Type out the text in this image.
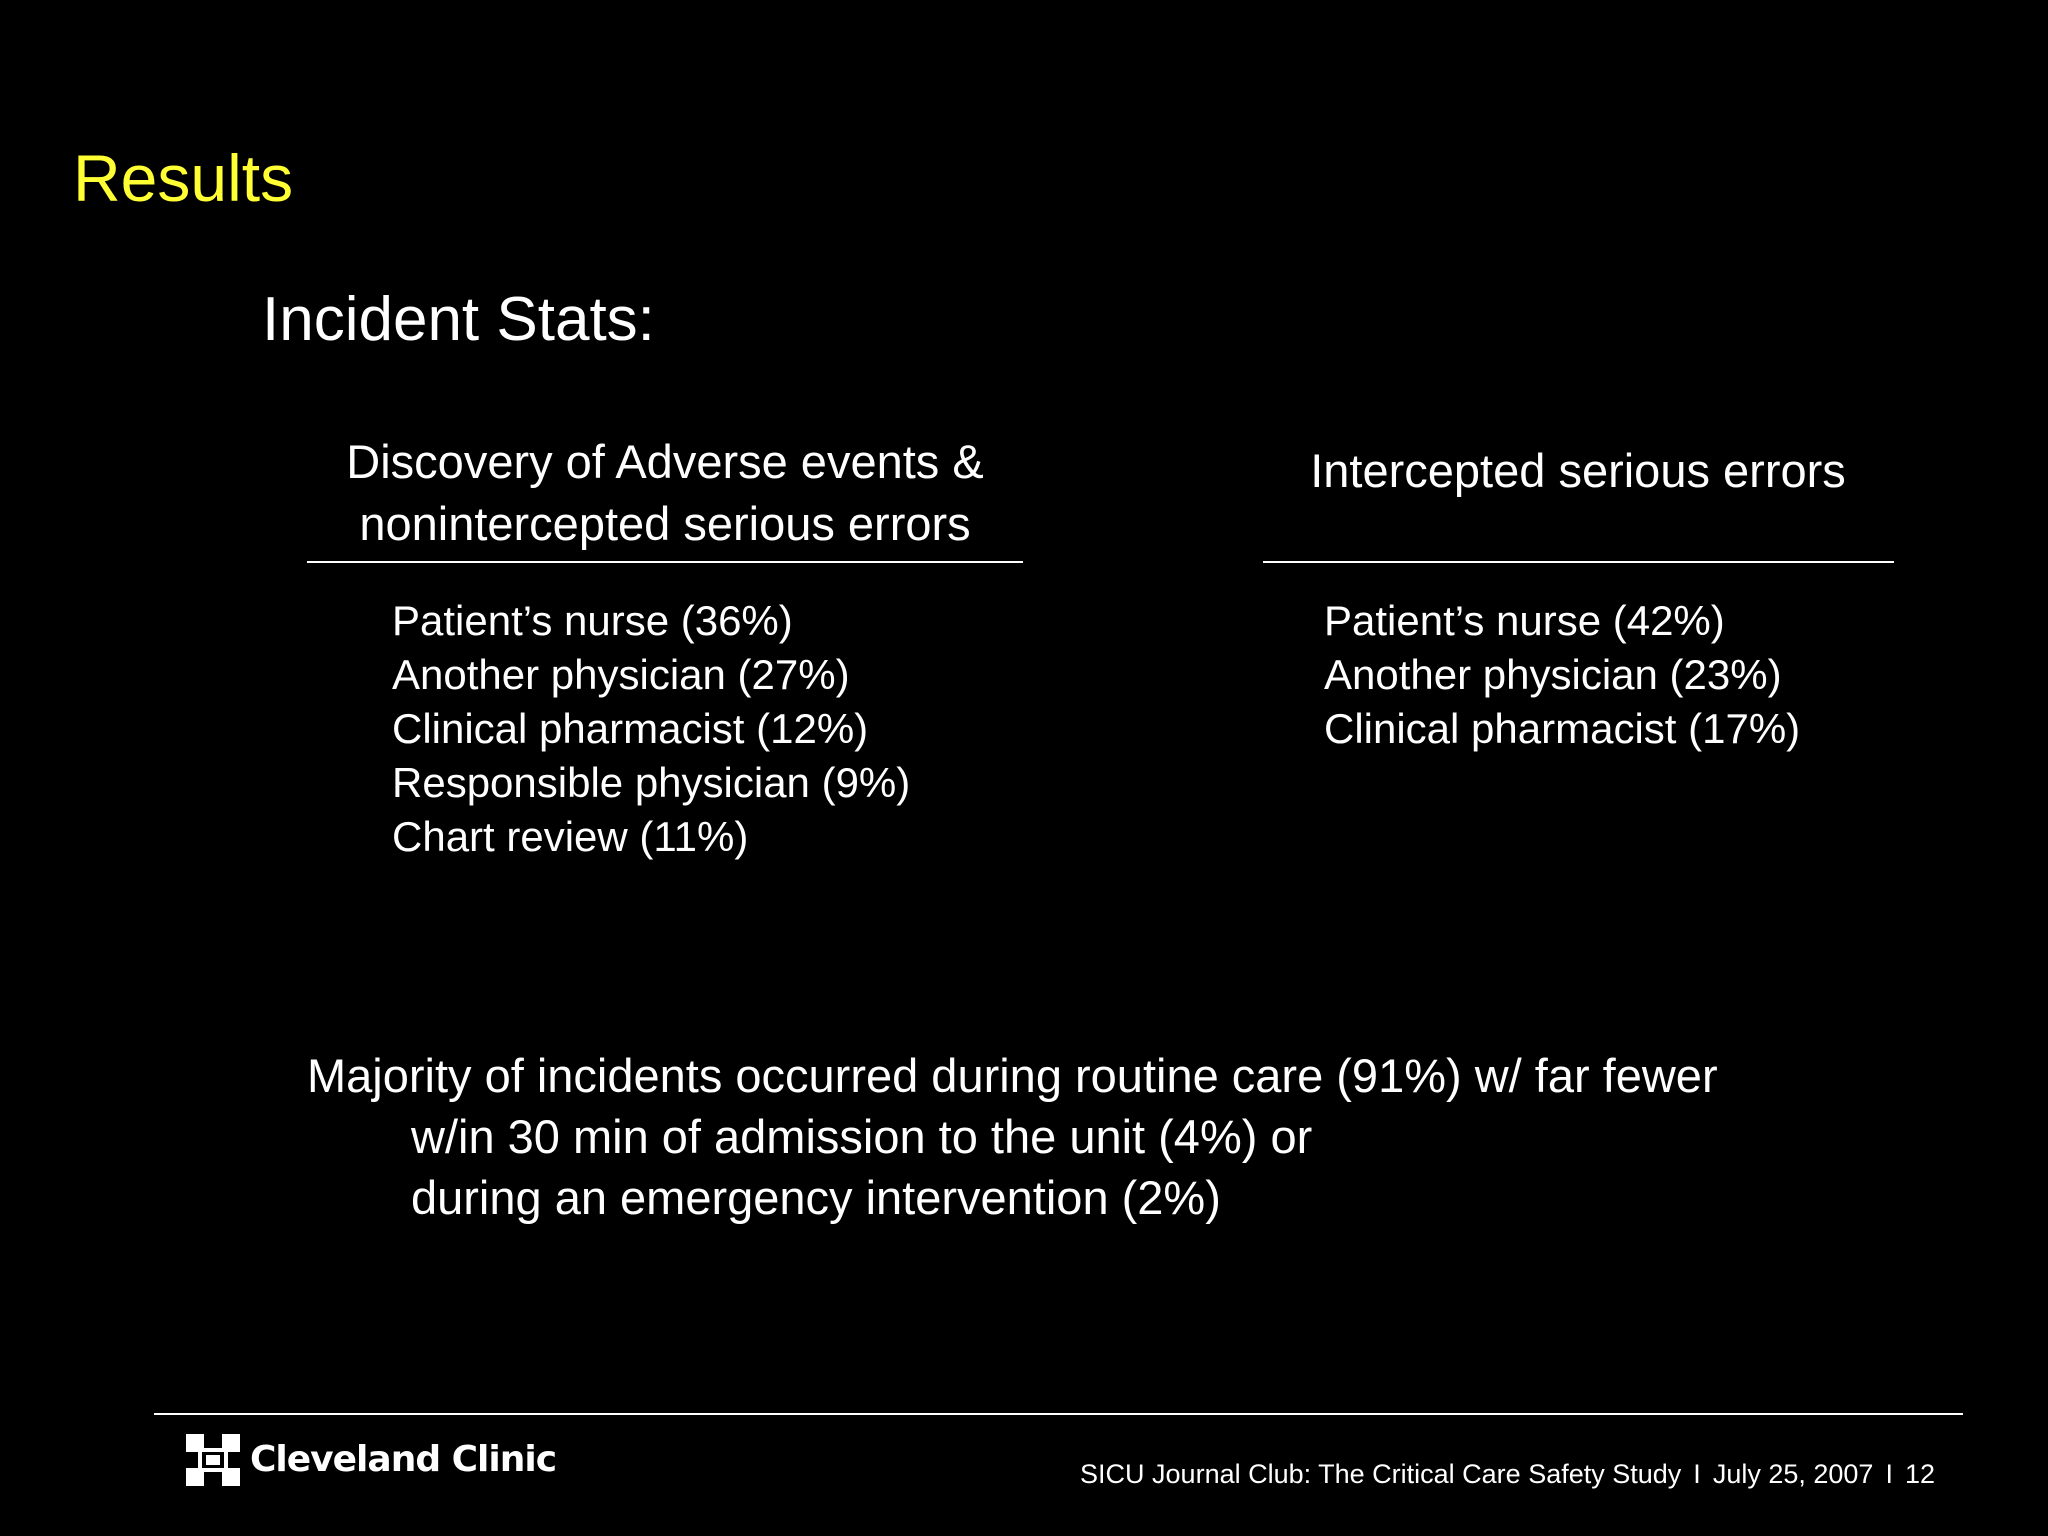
Results
Incident Stats:
Discovery of Adverse events &
nonintercepted serious errors
Intercepted serious errors
Patient’s nurse (36%)
Another physician (27%)
Clinical pharmacist (12%)
Responsible physician (9%)
Chart review (11%)
Patient’s nurse (42%)
Another physician (23%)
Clinical pharmacist (17%)
Majority of incidents occurred during routine care (91%) w/ far fewer
w/in 30 min of admission to the unit (4%) or
during an emergency intervention (2%)
Cleveland Clinic	SICU Journal Club: The Critical Care Safety Study I July 25, 2007 I 12
